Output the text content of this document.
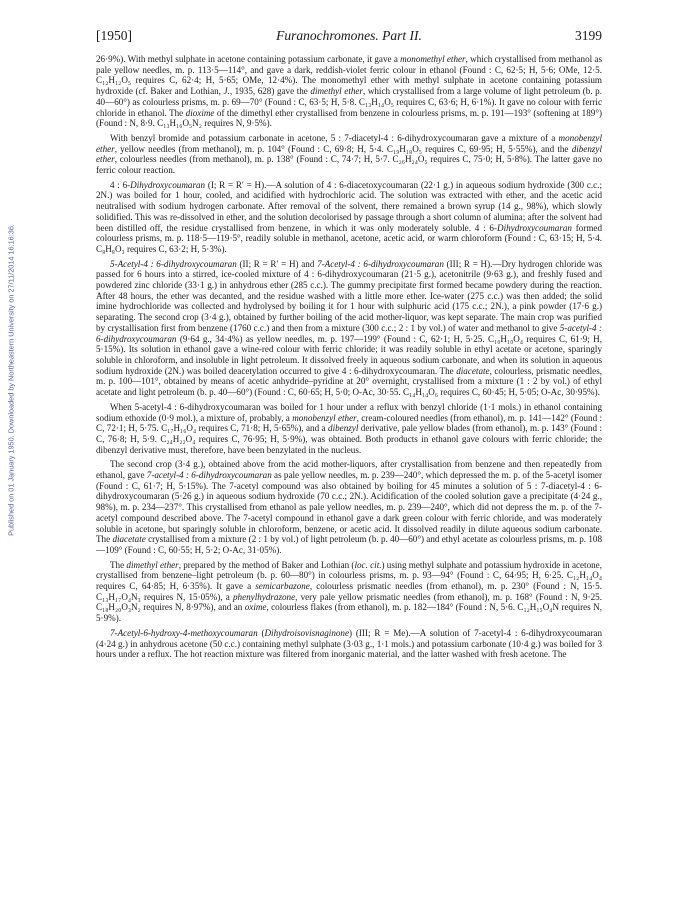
Published on 01 January 1950. Downloaded by Northeastern University on 27/11/2014 16:16:36.
[1950]	Furanochromones. Part II.	3199

26·9%). With methyl sulphate in acetone containing potassium carbonate, it gave a monomethyl ether, which crystallised from methanol as pale yellow needles, m. p. 113·5—114°, and gave a dark, reddish-violet ferric colour in ethanol (Found : C, 62·5; H, 5·6; OMe, 12·5. C₁₂H₁₂O₅ requires C, 62·4; H, 5·65; OMe, 12·4%). The monomethyl ether with methyl sulphate in acetone containing potassium hydroxide (cf. Baker and Lothian, J., 1935, 628) gave the dimethyl ether, which crystallised from a large volume of light petroleum (b. p. 40—60°) as colourless prisms, m. p. 69—70° (Found : C, 63·5; H, 5·8. C₁₃H₁₄O₅ requires C, 63·6; H, 6·1%). It gave no colour with ferric chloride in ethanol. The dioxime of the dimethyl ether crystallised from benzene in colourless prisms, m. p. 191—193° (softening at 189°) (Found : N, 8·9. C₁₃H₁₆O₅N₂ requires N, 9·5%).

With benzyl bromide and potassium carbonate in acetone, 5 : 7-diacetyl-4 : 6-dihydroxycoumaran gave a mixture of a monobenzyl ether, yellow needles (from methanol), m. p. 104° (Found : C, 69·8; H, 5·4. C₁₉H₁₈O₅ requires C, 69·95; H, 5·55%), and the dibenzyl ether, colourless needles (from methanol), m. p. 138° (Found : C, 74·7; H, 5·7. C₂₆H₂₄O₅ requires C, 75·0; H, 5·8%). The latter gave no ferric colour reaction.

4 : 6-Dihydroxycoumaran (I; R = R′ = H).—A solution of 4 : 6-diacetoxycoumaran (22·1 g.) in aqueous sodium hydroxide (300 c.c.; 2N.) was boiled for 1 hour, cooled, and acidified with hydrochloric acid. The solution was extracted with ether, and the acetic acid neutralised with sodium hydrogen carbonate. After removal of the solvent, there remained a brown syrup (14 g., 98%), which slowly solidified. This was re-dissolved in ether, and the solution decolorised by passage through a short column of alumina; after the solvent had been distilled off, the residue crystallised from benzene, in which it was only moderately soluble. 4 : 6-Dihydroxycoumaran formed colourless prisms, m. p. 118·5—119·5°, readily soluble in methanol, acetone, acetic acid, or warm chloroform (Found : C, 63·15; H, 5·4. C₈H₈O₃ requires C, 63·2; H, 5·3%).

5-Acetyl-4 : 6-dihydroxycoumaran (II; R = R′ = H) and 7-Acetyl-4 : 6-dihydroxycoumaran (III; R = H).—Dry hydrogen chloride was passed for 6 hours into a stirred, ice-cooled mixture of 4 : 6-dihydroxycoumaran (21·5 g.), acetonitrile (9·63 g.), and freshly fused and powdered zinc chloride (33·1 g.) in anhydrous ether (285 c.c.). The gummy precipitate first formed became powdery during the reaction. After 48 hours, the ether was decanted, and the residue washed with a little more ether. Ice-water (275 c.c.) was then added; the solid imine hydrochloride was collected and hydrolysed by boiling it for 1 hour with sulphuric acid (175 c.c.; 2N.), a pink powder (17·6 g.) separating. The second crop (3·4 g.), obtained by further boiling of the acid mother-liquor, was kept separate. The main crop was purified by crystallisation first from benzene (1760 c.c.) and then from a mixture (300 c.c.; 2 : 1 by vol.) of water and methanol to give 5-acetyl-4 : 6-dihydroxycoumaran (9·64 g., 34·4%) as yellow needles, m. p. 197—199° (Found : C, 62·1; H, 5·25. C₁₀H₁₀O₄ requires C, 61·9; H, 5·15%). Its solution in ethanol gave a wine-red colour with ferric chloride; it was readily soluble in ethyl acetate or acetone, sparingly soluble in chloroform, and insoluble in light petroleum. It dissolved freely in aqueous sodium carbonate, and when its solution in aqueous sodium hydroxide (2N.) was boiled deacetylation occurred to give 4 : 6-dihydroxycoumaran. The diacetate, colourless, prismatic needles, m. p. 100—101°, obtained by means of acetic anhydride–pyridine at 20° overnight, crystallised from a mixture (1 : 2 by vol.) of ethyl acetate and light petroleum (b. p. 40—60°) (Found : C, 60·65; H, 5·0; O-Ac, 30·55. C₁₄H₁₄O₆ requires C, 60·45; H, 5·05; O-Ac, 30·95%).

When 5-acetyl-4 : 6-dihydroxycoumaran was boiled for 1 hour under a reflux with benzyl chloride (1·1 mols.) in ethanol containing sodium ethoxide (0·9 mol.), a mixture of, probably, a monobenzyl ether, cream-coloured needles (from ethanol), m. p. 141—142° (Found : C, 72·1; H, 5·75. C₁₇H₁₆O₄ requires C, 71·8; H, 5·65%), and a dibenzyl derivative, pale yellow blades (from ethanol), m. p. 143° (Found : C, 76·8; H, 5·9. C₂₄H₂₂O₄ requires C, 76·95; H, 5·9%), was obtained. Both products in ethanol gave colours with ferric chloride; the dibenzyl derivative must, therefore, have been benzylated in the nucleus.

The second crop (3·4 g.), obtained above from the acid mother-liquors, after crystallisation from benzene and then repeatedly from ethanol, gave 7-acetyl-4 : 6-dihydroxycoumaran as pale yellow needles, m. p. 239—240°, which depressed the m. p. of the 5-acetyl isomer (Found : C, 61·7; H, 5·15%). The 7-acetyl compound was also obtained by boiling for 45 minutes a solution of 5 : 7-diacetyl-4 : 6-dihydroxycoumaran (5·26 g.) in aqueous sodium hydroxide (70 c.c.; 2N.). Acidification of the cooled solution gave a precipitate (4·24 g., 98%), m. p. 234—237°. This crystallised from ethanol as pale yellow needles, m. p. 239—240°, which did not depress the m. p. of the 7-acetyl compound described above. The 7-acetyl compound in ethanol gave a dark green colour with ferric chloride, and was moderately soluble in acetone, but sparingly soluble in chloroform, benzene, or acetic acid. It dissolved readily in dilute aqueous sodium carbonate. The diacetate crystallised from a mixture (2 : 1 by vol.) of light petroleum (b. p. 40—60°) and ethyl acetate as colourless prisms, m. p. 108—109° (Found : C, 60·55; H, 5·2; O-Ac, 31·05%).

The dimethyl ether, prepared by the method of Baker and Lothian (loc. cit.) using methyl sulphate and potassium hydroxide in acetone, crystallised from benzene–light petroleum (b. p. 60—80°) in colourless prisms, m. p. 93—94° (Found : C, 64·95; H, 6·25. C₁₂H₁₄O₄ requires C, 64·85; H, 6·35%). It gave a semicarbazone, colourless prismatic needles (from ethanol), m. p. 230° (Found : N, 15·5. C₁₃H₁₇O₄N₃ requires N, 15·05%), a phenylhydrazone, very pale yellow prismatic needles (from ethanol), m. p. 168° (Found : N, 9·25. C₁₈H₂₀O₃N₂ requires N, 8·97%), and an oxime, colourless flakes (from ethanol), m. p. 182—184° (Found : N, 5·6. C₁₂H₁₅O₄N requires N, 5·9%).

7-Acetyl-6-hydroxy-4-methoxycoumaran (Dihydroisovisnaginone) (III; R = Me).—A solution of 7-acetyl-4 : 6-dihydroxycoumaran (4·24 g.) in anhydrous acetone (50 c.c.) containing methyl sulphate (3·03 g., 1·1 mols.) and potassium carbonate (10·4 g.) was boiled for 3 hours under a reflux. The hot reaction mixture was filtered from inorganic material, and the latter washed with fresh acetone. The
